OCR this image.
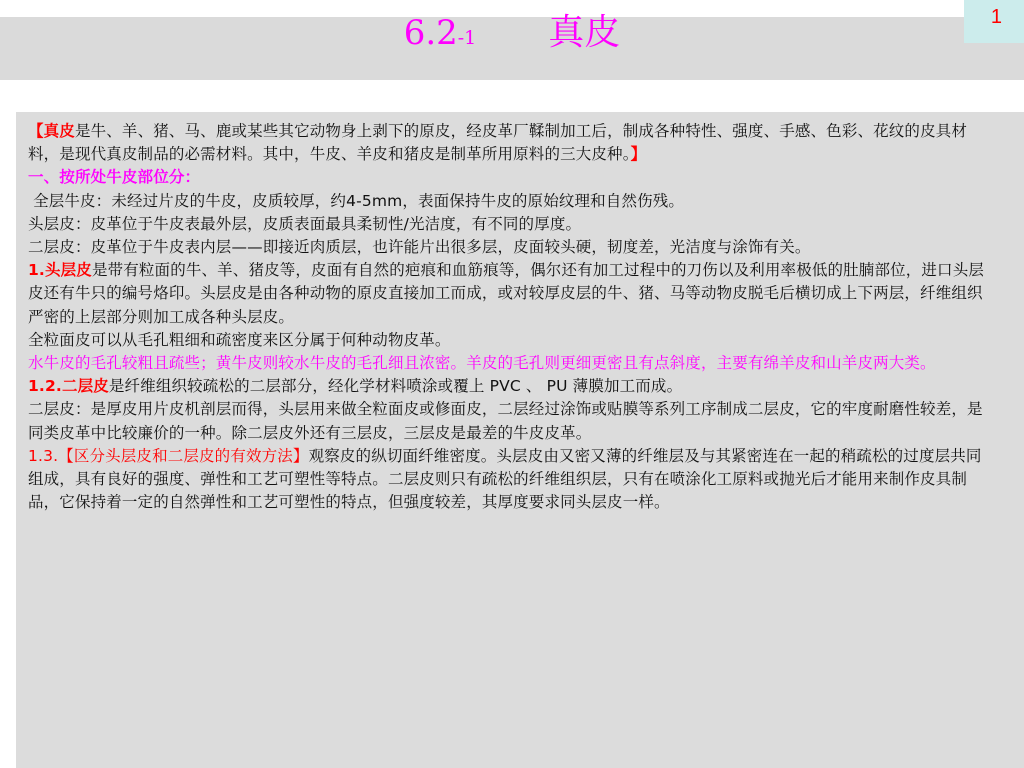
6.2-1 真皮	1

【真皮是牛、羊、猪、马、鹿或某些其它动物身上剥下的原皮，经皮革厂鞣制加工后，制成各种特性、强度、手感、色彩、花纹的皮具材料，是现代真皮制品的必需材料。其中，牛皮、羊皮和猪皮是制革所用原料的三大皮种。】

一、按所处牛皮部位分：

全层牛皮：未经过片皮的牛皮，皮质较厚，约4-5mm，表面保持牛皮的原始纹理和自然伤残。

头层皮：皮革位于牛皮表最外层，皮质表面最具柔韧性/光洁度，有不同的厚度。

二层皮：皮革位于牛皮表内层——即接近肉质层，也许能片出很多层，皮面较头硬，韧度差，光洁度与涂饰有关。

1.头层皮是带有粒面的牛、羊、猪皮等，皮面有自然的疤痕和血筋痕等，偶尔还有加工过程中的刀伤以及利用率极低的肚腩部位，进口头层皮还有牛只的编号烙印。头层皮是由各种动物的原皮直接加工而成，或对较厚皮层的牛、猪、马等动物皮脱毛后横切成上下两层，纤维组织严密的上层部分则加工成各种头层皮。

全粒面皮可以从毛孔粗细和疏密度来区分属于何种动物皮革。

水牛皮的毛孔较粗且疏些；黄牛皮则较水牛皮的毛孔细且浓密。羊皮的毛孔则更细更密且有点斜度，主要有绵羊皮和山羊皮两大类。

1.2.二层皮是纤维组织较疏松的二层部分，经化学材料喷涂或覆上 PVC 、 PU 薄膜加工而成。

二层皮：是厚皮用片皮机剖层而得，头层用来做全粒面皮或修面皮，二层经过涂饰或贴膜等系列工序制成二层皮，它的牢度耐磨性较差，是同类皮革中比较廉价的一种。除二层皮外还有三层皮，三层皮是最差的牛皮皮革。

1.3.【区分头层皮和二层皮的有效方法】观察皮的纵切面纤维密度。头层皮由又密又薄的纤维层及与其紧密连在一起的稍疏松的过度层共同组成，具有良好的强度、弹性和工艺可塑性等特点。二层皮则只有疏松的纤维组织层，只有在喷涂化工原料或抛光后才能用来制作皮具制品，它保持着一定的自然弹性和工艺可塑性的特点，但强度较差，其厚度要求同头层皮一样。
